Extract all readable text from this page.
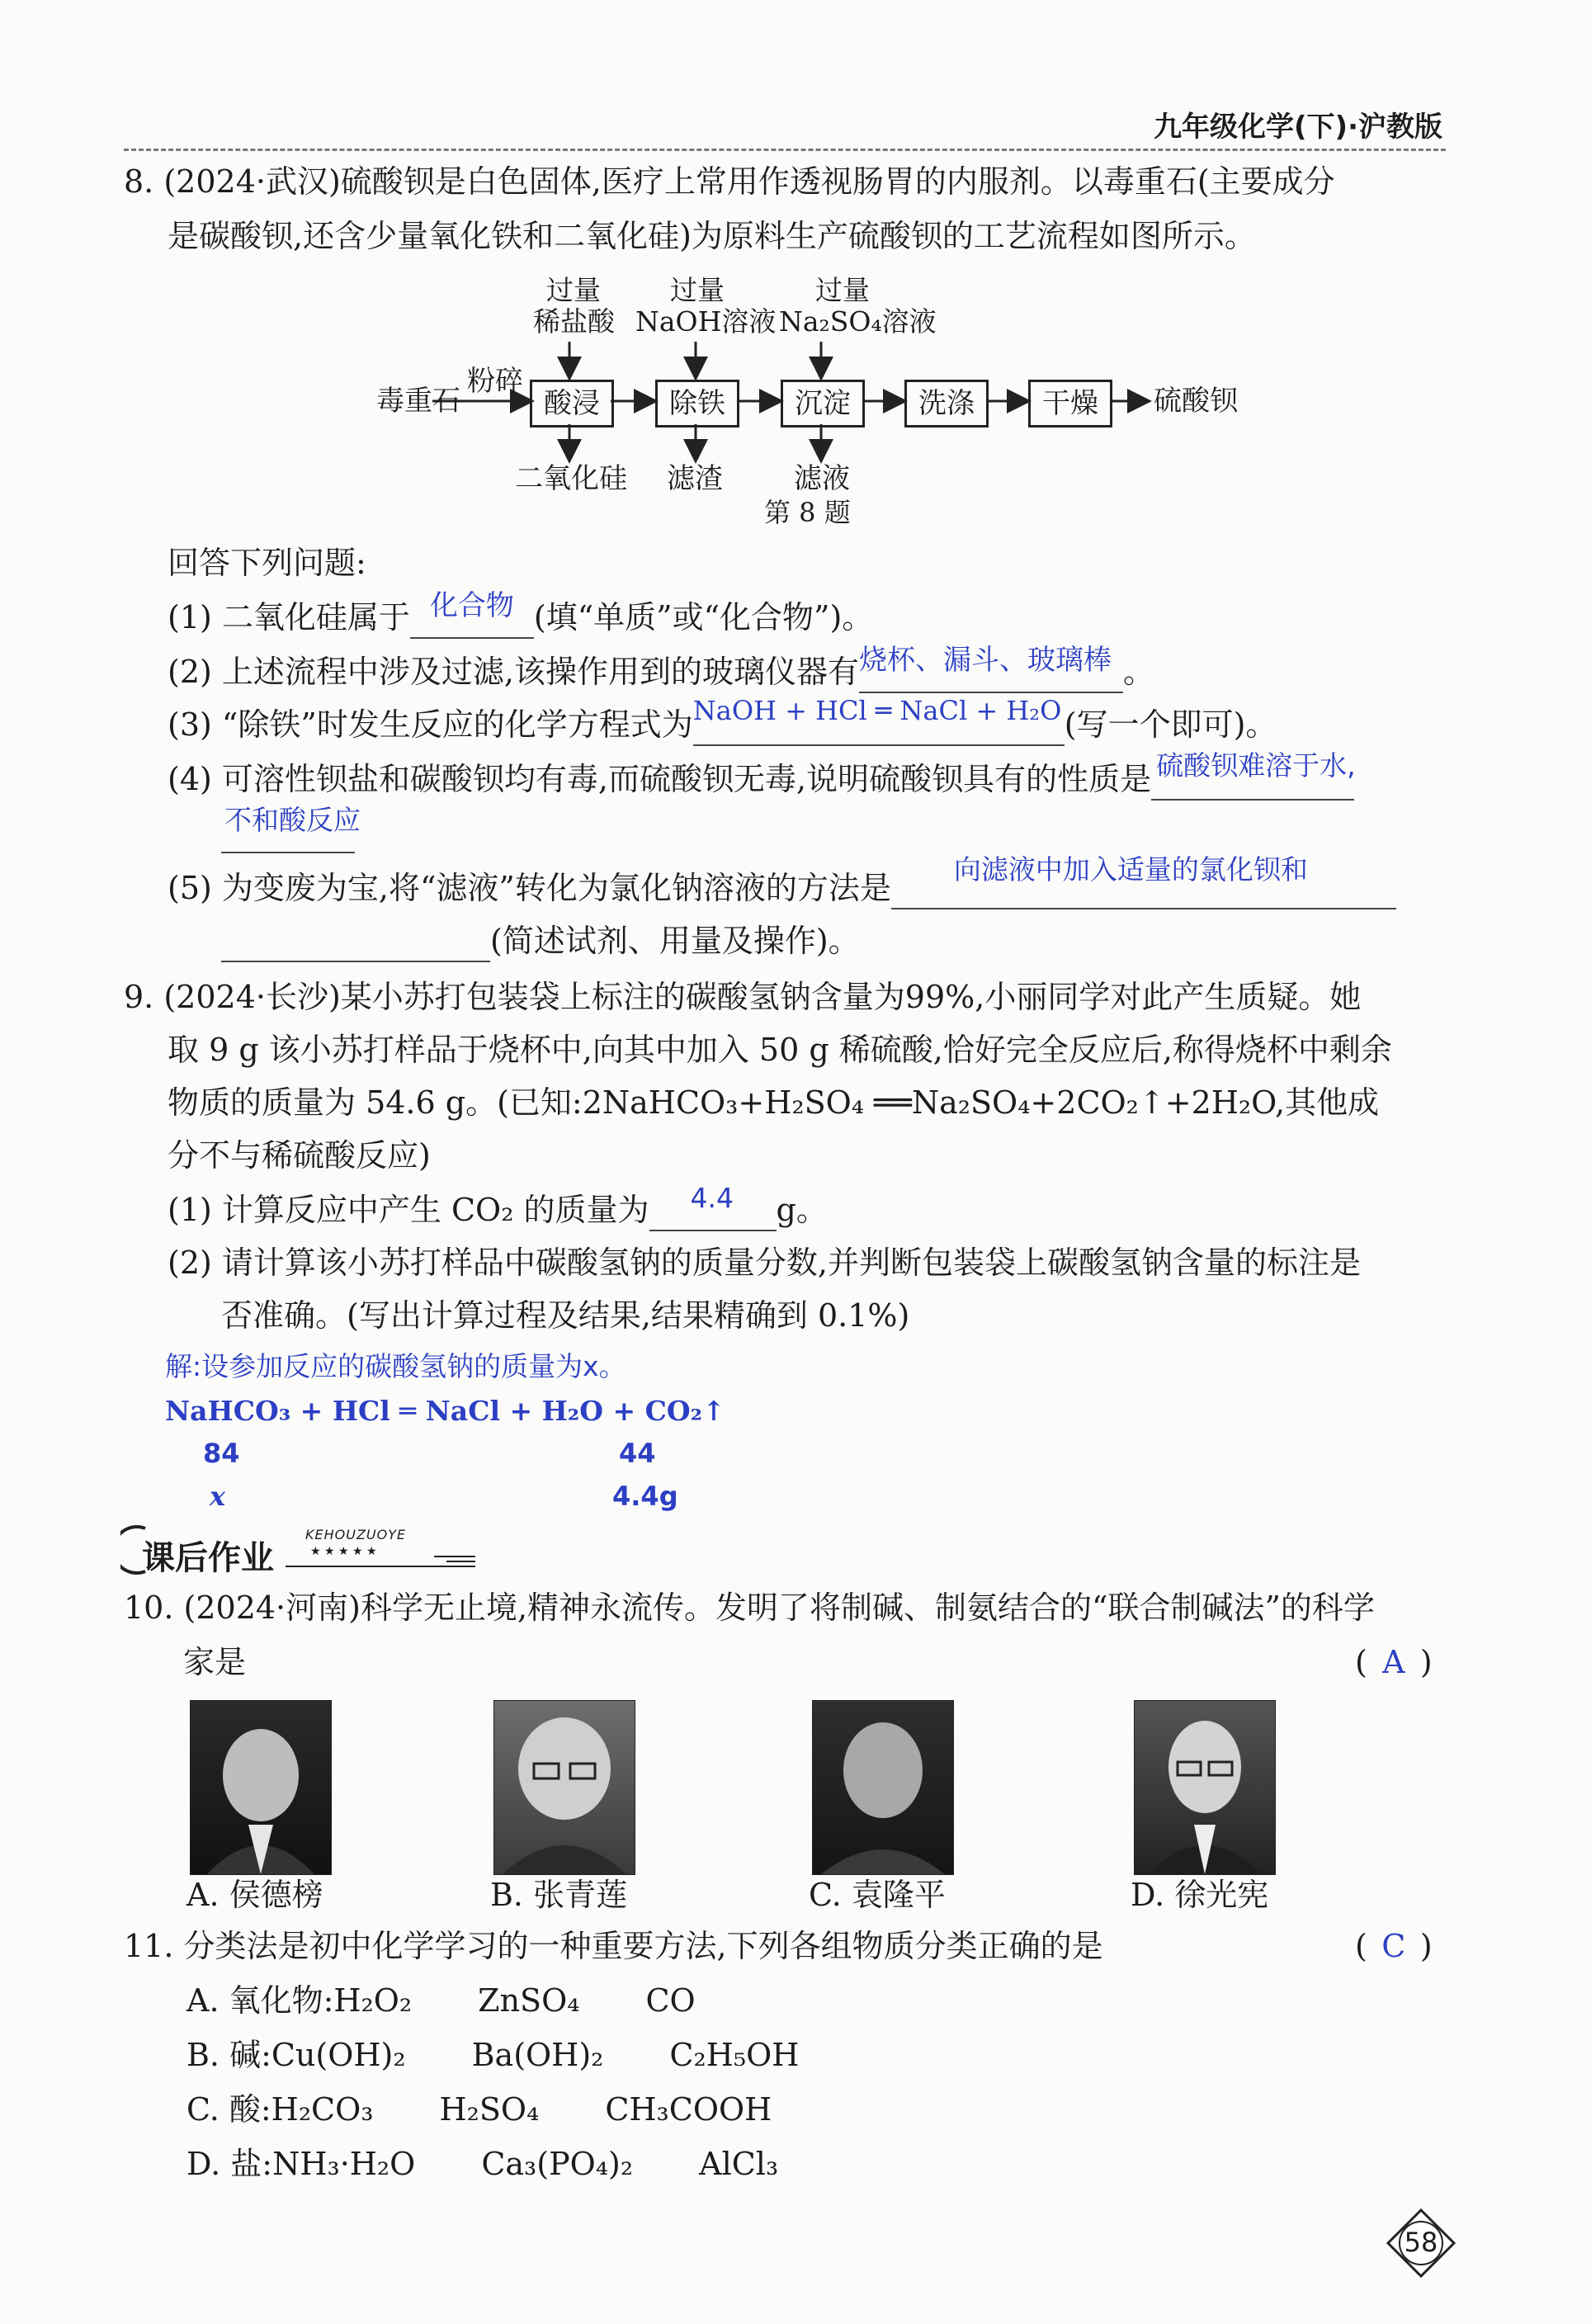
九年级化学(下)·沪教版
8. (2024·武汉)硫酸钡是白色固体,医疗上常用作透视肠胃的内服剂。以毒重石(主要成分
是碳酸钡,还含少量氧化铁和二氧化硅)为原料生产硫酸钡的工艺流程如图所示。
过量
稀盐酸
过量
NaOH溶液
过量
Na₂SO₄溶液
毒重石
粉碎
酸浸	除铁	沉淀	洗涤	干燥	硫酸钡
二氧化硅 滤渣	滤液
第 8 题
回答下列问题:
(1) 二氧化硅属于 化合物 (填“单质”或“化合物”)。
(2) 上述流程中涉及过滤,该操作用到的玻璃仪器有 烧杯、漏斗、玻璃棒 。
(3) “除铁”时发生反应的化学方程式为 NaOH + HCl ═ NaCl + H₂O (写一个即可)。
(4) 可溶性钡盐和碳酸钡均有毒,而硫酸钡无毒,说明硫酸钡具有的性质是 硫酸钡难溶于水,

不和酸反应

(5) 为变废为宝,将“滤液”转化为氯化钠溶液的方法是
向滤液中加入适量的氯化钡和

(简述试剂、用量及操作)。
9. (2024·长沙)某小苏打包装袋上标注的碳酸氢钠含量为99%,小丽同学对此产生质疑。她
取 9 g 该小苏打样品于烧杯中,向其中加入 50 g 稀硫酸,恰好完全反应后,称得烧杯中剩余
物质的质量为 54.6 g。(已知:2NaHCO₃+H₂SO₄ ══Na₂SO₄+2CO₂↑+2H₂O,其他成
分不与稀硫酸反应)
(1) 计算反应中产生 CO₂ 的质量为 4.4 g。
(2) 请计算该小苏打样品中碳酸氢钠的质量分数,并判断包装袋上碳酸氢钠含量的标注是
否准确。(写出计算过程及结果,结果精确到 0.1%)
解:设参加反应的碳酸氢钠的质量为x。
NaHCO₃ + HCl ═ NaCl + H₂O + CO₂↑
84	44
x	4.4g
课后作业
KEHOUZUOYE
★ ★ ★ ★ ★
10. (2024·河南)科学无止境,精神永流传。发明了将制碱、制氨结合的“联合制碱法”的科学
家是	( A )
A. 侯德榜	B. 张青莲	C. 袁隆平	D. 徐光宪
11. 分类法是初中化学学习的一种重要方法,下列各组物质分类正确的是	( C )
A. 氧化物:H₂O₂ ZnSO₄ CO
B. 碱:Cu(OH)₂ Ba(OH)₂ C₂H₅OH
C. 酸:H₂CO₃ H₂SO₄ CH₃COOH
D. 盐:NH₃·H₂O Ca₃(PO₄)₂ AlCl₃
58
